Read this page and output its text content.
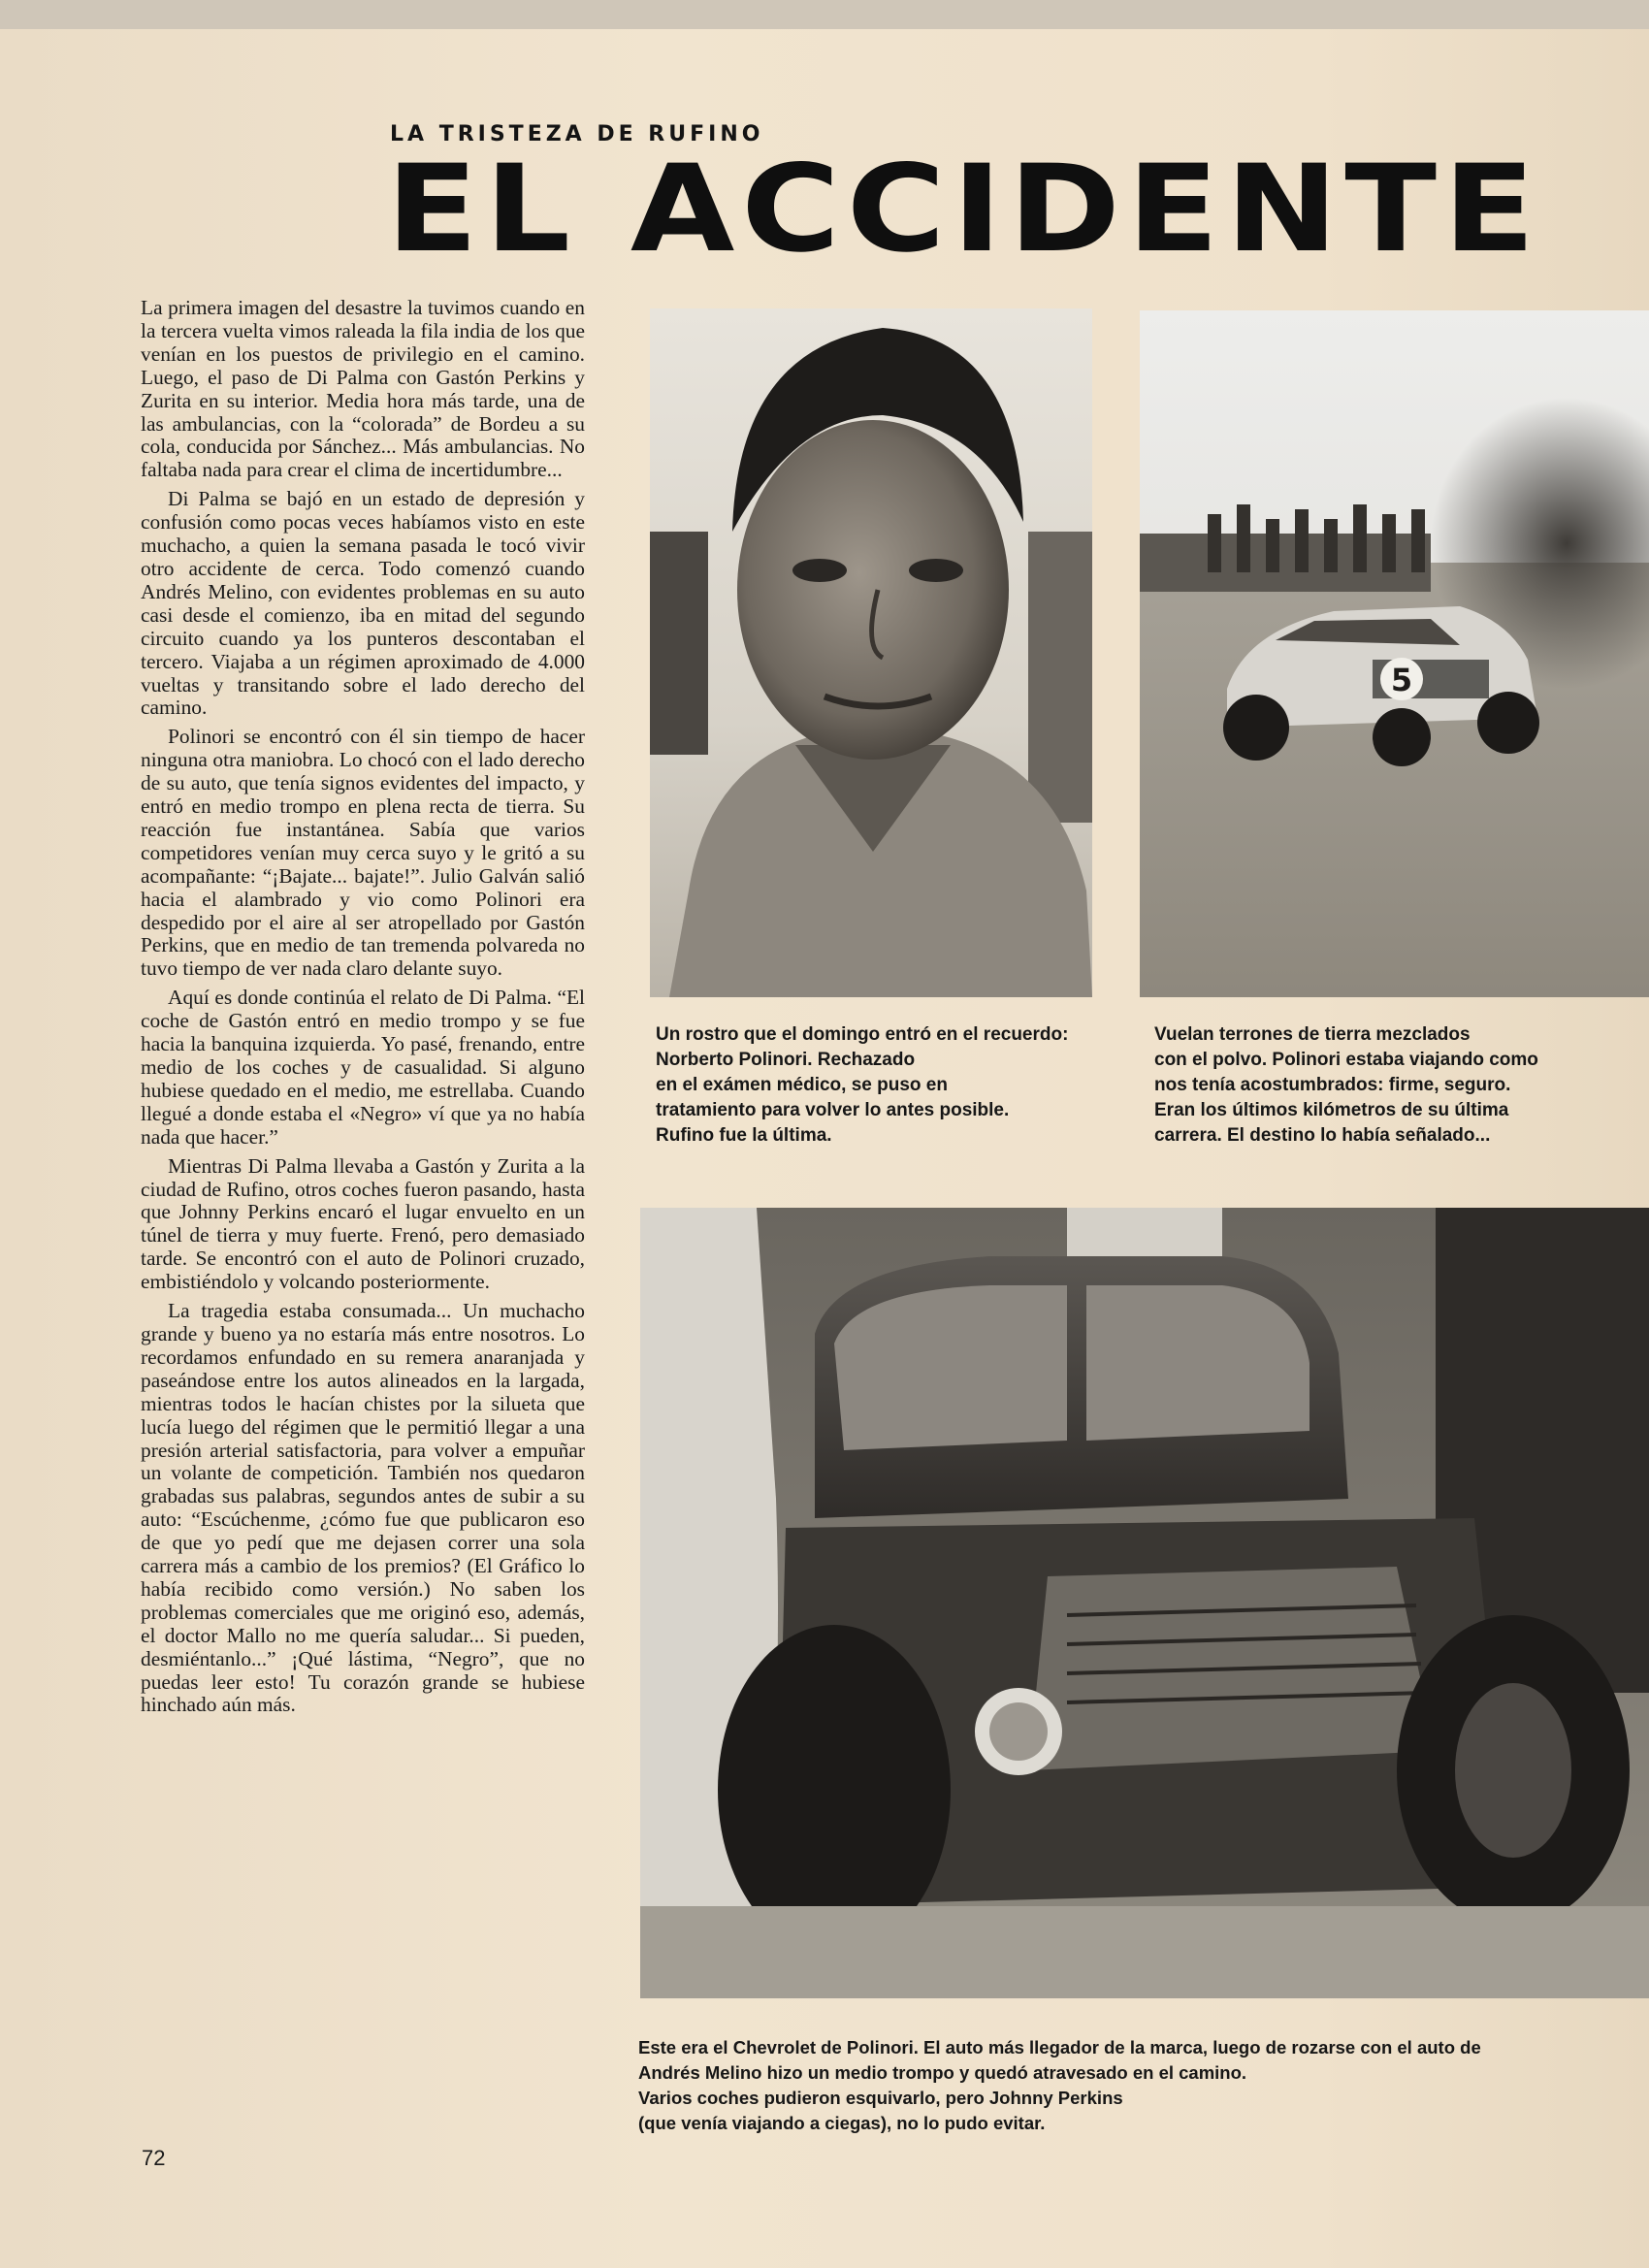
LA TRISTEZA DE RUFINO
EL ACCIDENTE

La primera imagen del desastre la tuvimos cuando en la tercera vuelta vimos raleada la fila india de los que venían en los puestos de privilegio en el camino. Luego, el paso de Di Palma con Gastón Perkins y Zurita en su interior. Media hora más tarde, una de las ambulancias, con la “colorada” de Bordeu a su cola, conducida por Sánchez... Más ambulancias. No faltaba nada para crear el clima de incertidumbre...

Di Palma se bajó en un estado de depresión y confusión como pocas veces habíamos visto en este muchacho, a quien la semana pasada le tocó vivir otro accidente de cerca. Todo comenzó cuando Andrés Melino, con evidentes problemas en su auto casi desde el comienzo, iba en mitad del segundo circuito cuando ya los punteros descontaban el tercero. Viajaba a un régimen aproximado de 4.000 vueltas y transitando sobre el lado derecho del camino.

Polinori se encontró con él sin tiempo de hacer ninguna otra maniobra. Lo chocó con el lado derecho de su auto, que tenía signos evidentes del impacto, y entró en medio trompo en plena recta de tierra. Su reacción fue instantánea. Sabía que varios competidores venían muy cerca suyo y le gritó a su acompañante: “¡Bajate... bajate!”. Julio Galván salió hacia el alambrado y vio como Polinori era despedido por el aire al ser atropellado por Gastón Perkins, que en medio de tan tremenda polvareda no tuvo tiempo de ver nada claro delante suyo.

Aquí es donde continúa el relato de Di Palma. “El coche de Gastón entró en medio trompo y se fue hacia la banquina izquierda. Yo pasé, frenando, entre medio de los coches y de casualidad. Si alguno hubiese quedado en el medio, me estrellaba. Cuando llegué a donde estaba el «Negro» ví que ya no había nada que hacer.”

Mientras Di Palma llevaba a Gastón y Zurita a la ciudad de Rufino, otros coches fueron pasando, hasta que Johnny Perkins encaró el lugar envuelto en un túnel de tierra y muy fuerte. Frenó, pero demasiado tarde. Se encontró con el auto de Polinori cruzado, embistiéndolo y volcando posteriormente.

La tragedia estaba consumada... Un muchacho grande y bueno ya no estaría más entre nosotros. Lo recordamos enfundado en su remera anaranjada y paseándose entre los autos alineados en la largada, mientras todos le hacían chistes por la silueta que lucía luego del régimen que le permitió llegar a una presión arterial satisfactoria, para volver a empuñar un volante de competición. También nos quedaron grabadas sus palabras, segundos antes de subir a su auto: “Escúchenme, ¿cómo fue que publicaron eso de que yo pedí que me dejasen correr una sola carrera más a cambio de los premios? (El Gráfico lo había recibido como versión.) No saben los problemas comerciales que me originó eso, además, el doctor Mallo no me quería saludar... Si pueden, desmiéntanlo...” ¡Qué lástima, “Negro”, que no puedas leer esto! Tu corazón grande se hubiese hinchado aún más.

5
Un rostro que el domingo entró en el recuerdo:
Norberto Polinori. Rechazado
en el exámen médico, se puso en
tratamiento para volver lo antes posible.
Rufino fue la última.
Vuelan terrones de tierra mezclados
con el polvo. Polinori estaba viajando como
nos tenía acostumbrados: firme, seguro.
Eran los últimos kilómetros de su última
carrera. El destino lo había señalado...
Este era el Chevrolet de Polinori. El auto más llegador de la marca, luego de rozarse con el auto de
Andrés Melino hizo un medio trompo y quedó atravesado en el camino.
Varios coches pudieron esquivarlo, pero Johnny Perkins
(que venía viajando a ciegas), no lo pudo evitar.
72
